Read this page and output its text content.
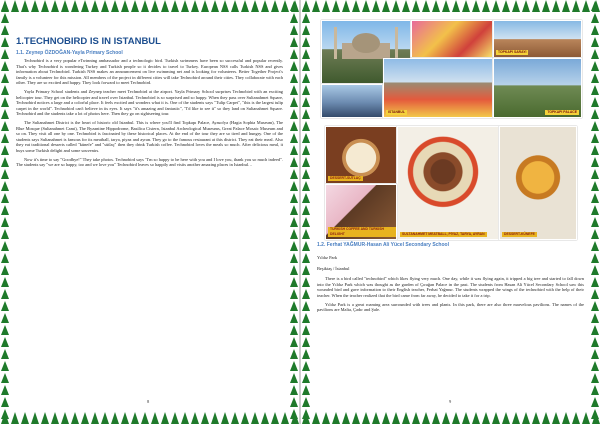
1.TECHNOBIRD IS IN ISTANBUL
1.1. Zeynep ÖZDOĞAN-Yayla Primary School

Technobird is a very popular eTwinning ambassador and a technologic bird. Turkish swimmers have been so successful and popular recently. That's why Technobird is wondering Turkey and Turkish people so it decides to travel to Turkey. European NSS calls Turkish NSS and gives information about Technobird. Turkish NSS makes an announcement on live swimming net and is looking for volunteers. Better Together Project's family is a volunteer for this mission. All members of the project in different cities will take Technobird around their cities. They collaborate with each other. They are so excited and happy. They look forward to meet Technobird.

Yayla Primary School students and Zeynep teacher meet Technobird at the airport. Yayla Primary School surprises Technobird with an exciting helicopter tour. They get on the helicopter and travel over Istanbul. Technobird is so surprised and so happy. When they pass over Sultanahmet Square, Technobird notices a large and a colorful place. It feels excited and wonders what it is. One of the students says "Tulip Carpet", "this is the largest tulip carpet in the world". Technobird can't believe in its eyes. It says "it's amazing and fantastic", "I'd like to see it" so they land on Sultanahmet Square. Technobird and the students take a lot of photos here. Then they go on sightseeing tour.

The Sultanahmet District is the heart of historic old Istanbul. This is where you'll find Topkapı Palace, Ayasofya (Hagia Sophia Museum), The Blue Mosque (Sultanahmet Cami), The Byzantine Hippodrome, Basilica Cistern, Istanbul Archeological Museums, Great Palace Mosaic Museum and so on. They visit all one by one. Technobird is fascinated by these historical places. At the end of the tour they are so tired and hungry. One of the students says Sultanahmet is famous for its meatball, tarya, piyaz and ayran. They go to the famous restaurant at this district. They eat their meal. Also they eat traditional desserts called "künefe" and "sütlaç" then they drink Turkish coffee. Technobird loves the meals so much. After delicious meal, it buys some Turkish delight and some souvenirs.

Now it's time to say "Goodbye!" They take photos. Technobird says "I'm so happy to be here with you and I love you, thank you so much indeed". The students say "we are so happy, too and we love you" Technobird leaves so happily and visits another amazing places in Istanbul…

8
TOPKAPI SARAYI
ISTANBUL	TOPKAPI PALACE
DESSERT-SÜTLAÇ
SULTANAHMET MEATBALL, PİYAZ, TARYA, AYRAN	DESSERT-KÜNEFE
TURKISH COFFEE AND TURKISH DELIGHT
1.2. Ferhat YAĞMUR-Hasan Ali Yücel Secondary School

Yıldız Park

Beşiktaş / İstanbul

There is a bird called "technobird" which likes flying very much. One day, while it was flying again, it tripped a big tree and started to fall down into the Yıldız Park which was thought as the garden of Çırağan Palace in the past. The students from Hasan Ali Yücel Secondary School saw this wounded bird and gave information to their English teacher, Ferhat Yağmur. The students wrapped the wings of the technobird with the help of their teacher. When the teacher realized that the bird came from far away, he decided to take it for a trip.

Yıldız Park is a great roaming area surrounded with trees and plants. In this park, there are also three marvelous pavilions. The names of the pavilions are Malta, Çadır and Şale.

9
